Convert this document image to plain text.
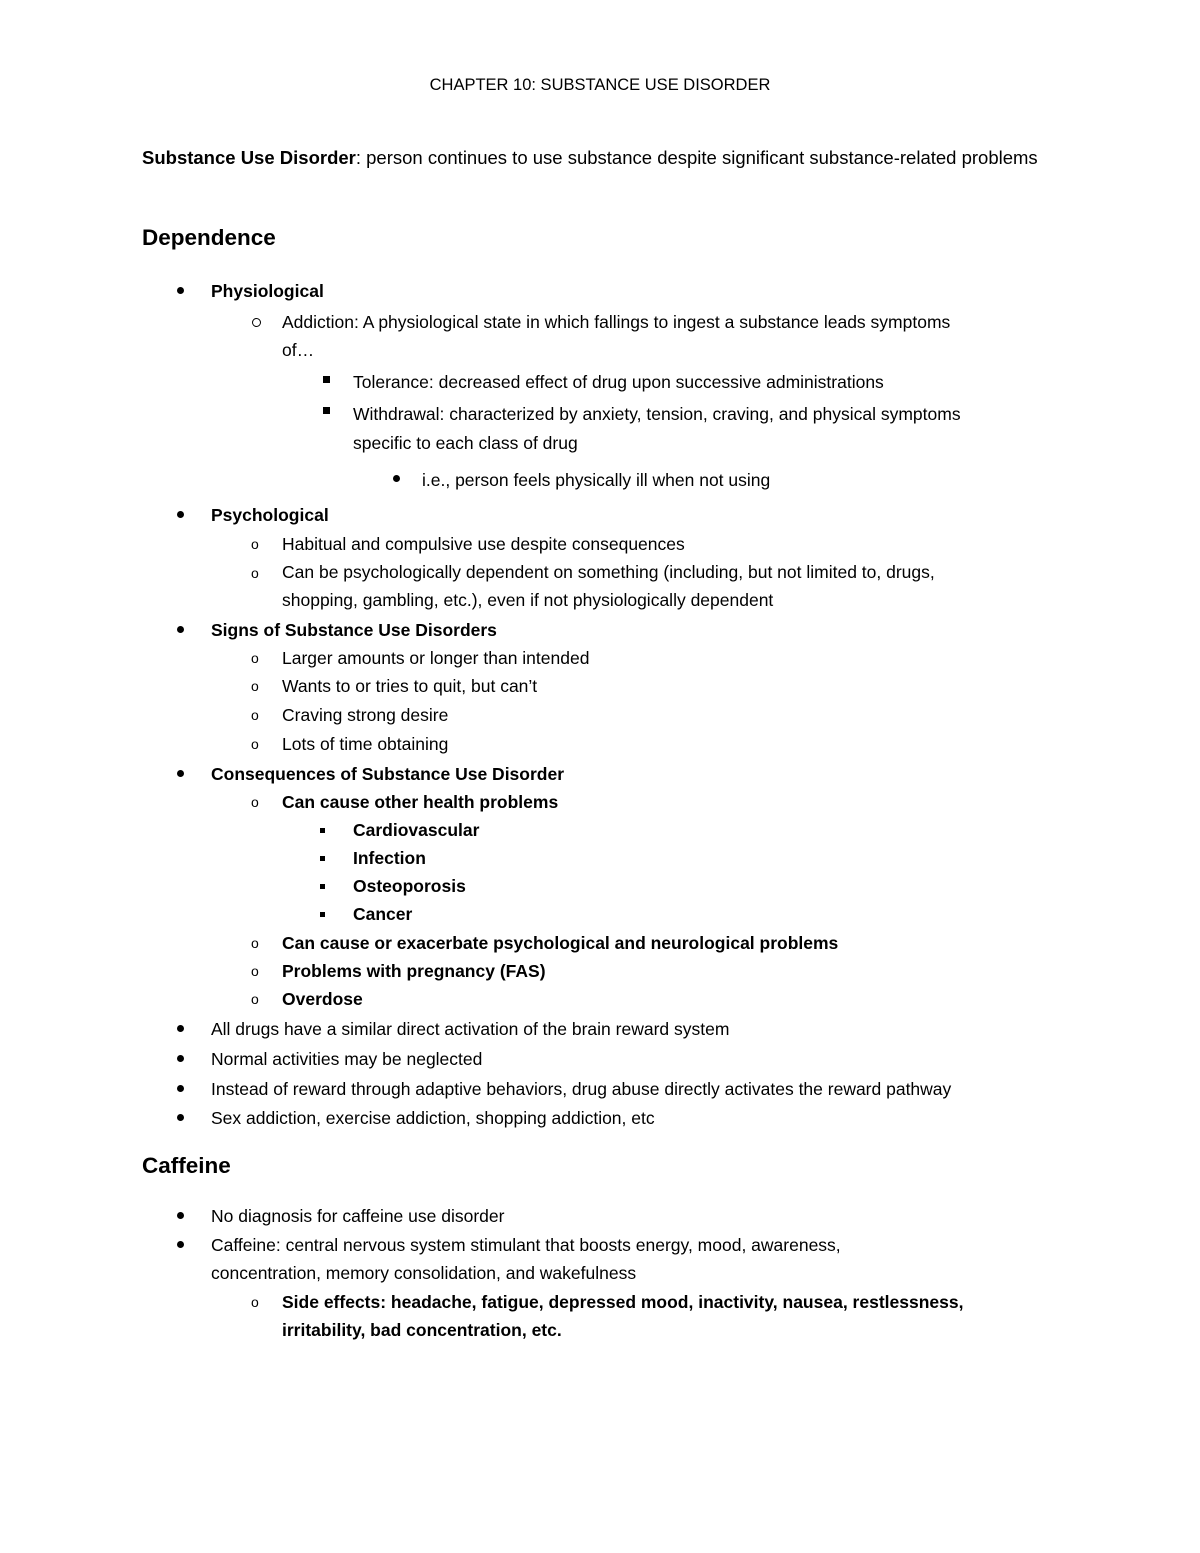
CHAPTER 10: SUBSTANCE USE DISORDER

Substance Use Disorder: person continues to use substance despite significant substance-related problems

Dependence
Physiological
Addiction: A physiological state in which fallings to ingest a substance leads symptoms
of…
Tolerance: decreased effect of drug upon successive administrations
Withdrawal: characterized by anxiety, tension, craving, and physical symptoms
specific to each class of drug
i.e., person feels physically ill when not using
Psychological
o Habitual and compulsive use despite consequences
o Can be psychologically dependent on something (including, but not limited to, drugs,
shopping, gambling, etc.), even if not physiologically dependent
Signs of Substance Use Disorders
o Larger amounts or longer than intended
o Wants to or tries to quit, but can’t
o Craving strong desire
o Lots of time obtaining
Consequences of Substance Use Disorder
o Can cause other health problems
Cardiovascular
Infection
Osteoporosis
Cancer
o Can cause or exacerbate psychological and neurological problems
o Problems with pregnancy (FAS)
o Overdose
All drugs have a similar direct activation of the brain reward system
Normal activities may be neglected
Instead of reward through adaptive behaviors, drug abuse directly activates the reward pathway
Sex addiction, exercise addiction, shopping addiction, etc
Caffeine
No diagnosis for caffeine use disorder
Caffeine: central nervous system stimulant that boosts energy, mood, awareness,
concentration, memory consolidation, and wakefulness
o Side effects: headache, fatigue, depressed mood, inactivity, nausea, restlessness,
irritability, bad concentration, etc.
